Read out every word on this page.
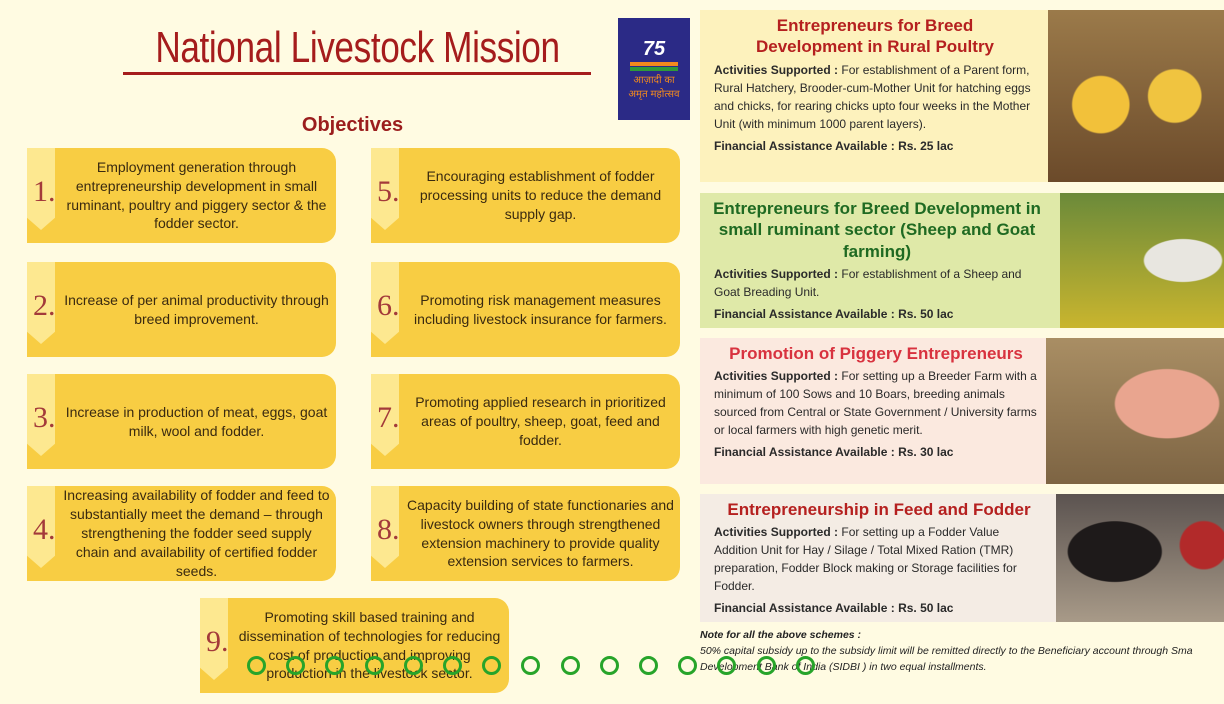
National Livestock Mission	75
आज़ादी का
अमृत महोत्सव
Objectives
1.
Employment generation through entrepreneurship development in small ruminant, poultry and piggery sector & the fodder sector.
2. Increase of per animal productivity through breed improvement.
3. Increase in production of meat, eggs, goat milk, wool and fodder.
4.
Increasing availability of fodder and feed to substantially meet the demand – through strengthening the fodder seed supply chain and availability of certified fodder seeds.
5.	Encouraging establishment of fodder processing units to reduce the demand supply gap.
6.	Promoting risk management measures including livestock insurance for farmers.
7.	Promoting applied research in prioritized areas of poultry, sheep, goat, feed and fodder.
8.
Capacity building of state functionaries and livestock owners through strengthened extension machinery to provide quality extension services to farmers.
9.
Promoting skill based training and dissemination of technologies for reducing cost of production and improving production in the livestock sector.
Entrepreneurs for Breed Development in Rural Poultry
Activities Supported : For establishment of a Parent form, Rural Hatchery, Brooder-cum-Mother Unit for hatching eggs and chicks, for rearing chicks upto four weeks in the Mother Unit (with minimum 1000 parent layers).
Financial Assistance Available : Rs. 25 lac
Entrepreneurs for Breed Development in small ruminant sector (Sheep and Goat farming)
Activities Supported : For establishment of a Sheep and Goat Breading Unit.
Financial Assistance Available : Rs. 50 lac
Promotion of Piggery Entrepreneurs
Activities Supported : For setting up a Breeder Farm with a minimum of 100 Sows and 10 Boars, breeding animals sourced from Central or State Government / University farms or local farmers with high genetic merit.
Financial Assistance Available : Rs. 30 lac
Entrepreneurship in Feed and Fodder
Activities Supported : For setting up a Fodder Value Addition Unit for Hay / Silage / Total Mixed Ration (TMR) preparation, Fodder Block making or Storage facilities for Fodder.
Financial Assistance Available : Rs. 50 lac
Note for all the above schemes :
50% capital subsidy up to the subsidy limit will be remitted directly to the Beneficiary account through Sma
Development Bank of India (SIDBI ) in two equal installments.
